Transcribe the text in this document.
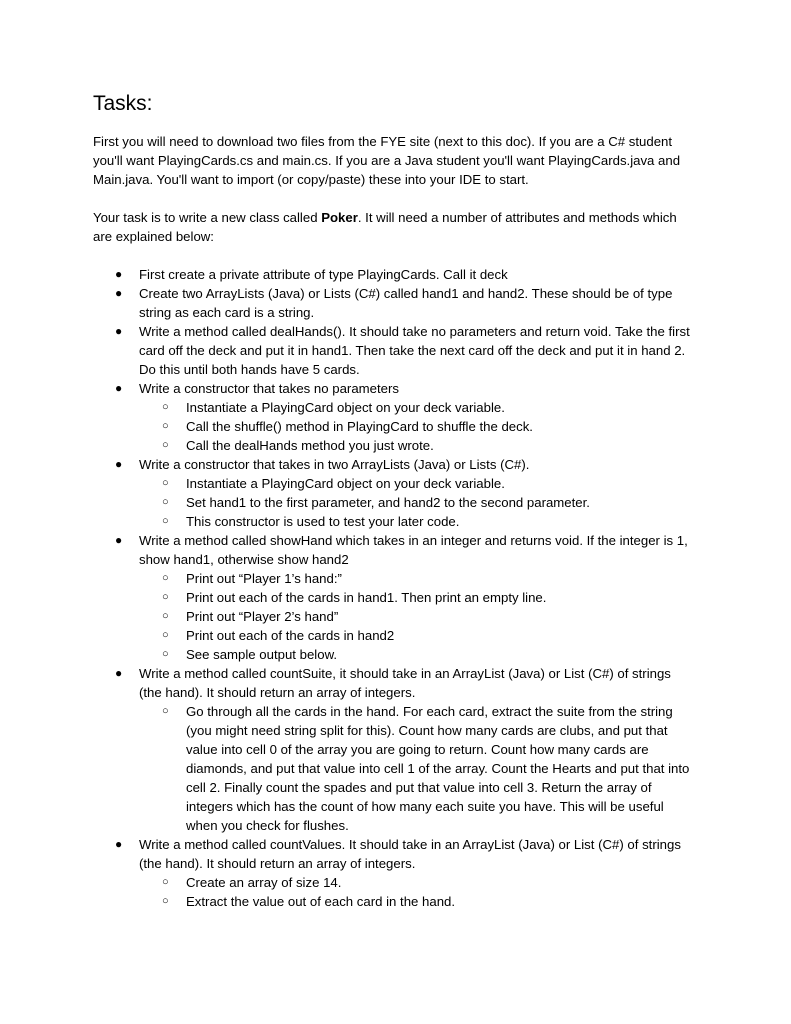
Tasks:

First you will need to download two files from the FYE site (next to this doc). If you are a C# student you'll want PlayingCards.cs and main.cs. If you are a Java student you'll want PlayingCards.java and Main.java. You'll want to import (or copy/paste) these into your IDE to start.

Your task is to write a new class called Poker. It will need a number of attributes and methods which are explained below:

● First create a private attribute of type PlayingCards. Call it deck
● Create two ArrayLists (Java) or Lists (C#) called hand1 and hand2. These should be of type string as each card is a string.
● Write a method called dealHands(). It should take no parameters and return void. Take the first card off the deck and put it in hand1. Then take the next card off the deck and put it in hand 2. Do this until both hands have 5 cards.
● Write a constructor that takes no parameters
○ Instantiate a PlayingCard object on your deck variable.
○ Call the shuffle() method in PlayingCard to shuffle the deck.
○ Call the dealHands method you just wrote.
● Write a constructor that takes in two ArrayLists (Java) or Lists (C#).
○ Instantiate a PlayingCard object on your deck variable.
○ Set hand1 to the first parameter, and hand2 to the second parameter.
○ This constructor is used to test your later code.
● Write a method called showHand which takes in an integer and returns void. If the integer is 1, show hand1, otherwise show hand2
○ Print out “Player 1’s hand:”
○ Print out each of the cards in hand1. Then print an empty line.
○ Print out “Player 2’s hand”
○ Print out each of the cards in hand2
○ See sample output below.
● Write a method called countSuite, it should take in an ArrayList (Java) or List (C#) of strings (the hand). It should return an array of integers.
○ Go through all the cards in the hand. For each card, extract the suite from the string (you might need string split for this). Count how many cards are clubs, and put that value into cell 0 of the array you are going to return. Count how many cards are diamonds, and put that value into cell 1 of the array. Count the Hearts and put that into cell 2. Finally count the spades and put that value into cell 3. Return the array of integers which has the count of how many each suite you have. This will be useful when you check for flushes.
● Write a method called countValues. It should take in an ArrayList (Java) or List (C#) of strings (the hand). It should return an array of integers.
○ Create an array of size 14.
○ Extract the value out of each card in the hand.
